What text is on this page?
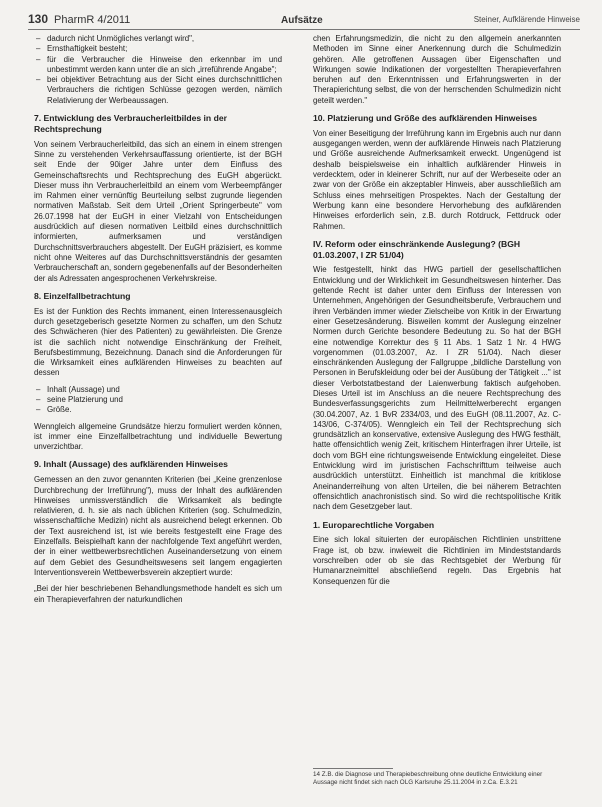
130 PharmR 4/2011	Aufsätze	Steiner, Aufklärende Hinweise
– dadurch nicht Unmögliches verlangt wird",
– Ernsthaftigkeit besteht;
– für die Verbraucher die Hinweise den erkennbar im und unbestimmt werden kann unter die an sich „irreführende Angabe";
– bei objektiver Betrachtung aus der Sicht eines durchschnittlichen Verbrauchers die richtigen Schlüsse gezogen werden, nämlich Relativierung der Werbeaussagen.
7. Entwicklung des Verbraucherleitbildes in der Rechtsprechung

Von seinem Verbraucherleitbild, das sich an einem in einem strengen Sinne zu verstehenden Verkehrsauffassung orientierte, ist der BGH seit Ende der 90iger Jahre unter dem Einfluss des Gemeinschaftsrechts und Rechtsprechung des EuGH abgerückt. Dieser muss ihn Verbraucherleitbild an einem vom Werbeempfänger im Rahmen einer vernünftig Beurteilung selbst zugrunde liegenden normativen Maßstab. Seit dem Urteil „Orient Springerbeute" vom 26.07.1998 hat der EuGH in einer Vielzahl von Entscheidungen ausdrücklich auf diesen normativen Leitbild eines durchschnittlich informierten, aufmerksamen und verständigen Durchschnittsverbrauchers abgestellt. Der EuGH präzisiert, es komme nicht ohne Weiteres auf das Durchschnittsverständnis der gesamten Verbraucherschaft an, sondern gegebenenfalls auf der Besonderheiten der als Adressaten angesprochenen Verkehrskreise.

8. Einzelfallbetrachtung

Es ist der Funktion des Rechts immanent, einen Interessenausgleich durch gesetzgeberisch gesetzte Normen zu schaffen, um den Schutz des Schwächeren (hier des Patienten) zu gewährleisten. Die Grenze ist die sachlich nicht notwendige Einschränkung der Freiheit, Berufsbestimmung, Bezeichnung. Danach sind die Anforderungen für die Wirksamkeit eines aufklärenden Hinweises zu beachten auf dessen

– Inhalt (Aussage) und
– seine Platzierung und
– Größe.

Wenngleich allgemeine Grundsätze hierzu formuliert werden können, ist immer eine Einzelfallbetrachtung und individuelle Bewertung unverzichtbar.

9. Inhalt (Aussage) des aufklärenden Hinweises

Gemessen an den zuvor genannten Kriterien (bei „Keine grenzenlose Durchbrechung der Irreführung"), muss der Inhalt des aufklärenden Hinweises unmissverständlich die Wirksamkeit als bedingte relativieren, d. h. sie als nach üblichen Kriterien (sog. Schulmedizin, wissenschaftliche Medizin) nicht als ausreichend belegt erkennen. Ob der Text ausreichend ist, ist wie bereits festgestellt eine Frage des Einzelfalls. Beispielhaft kann der nachfolgende Text angeführt werden, der in einer wettbewerbsrechtlichen Auseinandersetzung von einem auf dem Gebiet des Gesundheitswesens seit langem engagierten Interventionsverein Wettbewerbsverein akzeptiert wurde:

„Bei der hier beschriebenen Behandlungsmethode handelt es sich um ein Therapieverfahren der naturkundlichen

chen Erfahrungsmedizin, die nicht zu den allgemein anerkannten Methoden im Sinne einer Anerkennung durch die Schulmedizin gehören. Alle getroffenen Aussagen über Eigenschaften und Wirkungen sowie Indikationen der vorgestellten Therapieverfahren beruhen auf den Erkenntnissen und Erfahrungswerten in der Therapierichtung selbst, die von der herrschenden Schulmedizin nicht geteilt werden."

10. Platzierung und Größe des aufklärenden Hinweises

Von einer Beseitigung der Irreführung kann im Ergebnis auch nur dann ausgegangen werden, wenn der aufklärende Hinweis nach Platzierung und Größe ausreichende Aufmerksamkeit erweckt. Ungenügend ist deshalb beispielsweise ein inhaltlich aufklärender Hinweis in verdecktem, oder in kleinerer Schrift, nur auf der Werbeseite oder an zwar von der Größe ein akzeptabler Hinweis, aber ausschließlich am Schluss eines mehrseitigen Prospektes. Nach der Gestaltung der Werbung kann eine besondere Hervorhebung des aufklärenden Hinweises erforderlich sein, z.B. durch Rotdruck, Fettdruck oder Rahmen.

IV. Reform oder einschränkende Auslegung? (BGH 01.03.2007, I ZR 51/04)

Wie festgestellt, hinkt das HWG partiell der gesellschaftlichen Entwicklung und der Wirklichkeit im Gesundheitswesen hinterher. Das geltende Recht ist daher unter dem Einfluss der Interessen von Unternehmen, Angehörigen der Gesundheitsberufe, Verbrauchern und ihren Verbänden immer wieder Zielscheibe von Kritik in der Erwartung einer Gesetzesänderung. Bisweilen kommt der Auslegung einzelner Normen durch Gerichte besondere Bedeutung zu. So hat der BGH eine notwendige Korrektur des § 11 Abs. 1 Satz 1 Nr. 4 HWG vorgenommen (01.03.2007, Az. I ZR 51/04). Nach dieser einschränkenden Auslegung der Fallgruppe „bildliche Darstellung von Personen in Berufskleidung oder bei der Ausübung der Tätigkeit ..." ist dieser Verbotstatbestand der Laienwerbung faktisch aufgehoben. Dieses Urteil ist im Anschluss an die neuere Rechtsprechung des Bundesverfassungsgerichts zum Heilmittelwerberecht ergangen (30.04.2007, Az. 1 BvR 2334/03, und des EuGH (08.11.2007, Az. C-143/06, C-374/05). Wenngleich ein Teil der Rechtsprechung sich grundsätzlich an konservative, extensive Auslegung des HWG festhält, hatte offensichtlich wenig Zeit, kritischem Hinterfragen ihrer Urteile, ist doch vom BGH eine richtungsweisende Entwicklung eingeleitet. Diese Entwicklung wird im juristischen Fachschrifttum teilweise auch ausdrücklich unterstützt. Einheitlich ist manchmal die kritiklose Aneinanderreihung von alten Urteilen, die bei näherem Betrachten offensichtlich anachronistisch sind. So wird die rechtspolitische Kritik nach dem Gesetzgeber laut.

1. Europarechtliche Vorgaben

Eine sich lokal situierten der europäischen Richtlinien unstrittene Frage ist, ob bzw. inwieweit die Richtlinien im Mindeststandards vorschreiben oder ob sie das Rechtsgebiet der Werbung für Humanarzneimittel abschließend regeln. Das Ergebnis hat Konsequenzen für die

14 Z.B. die Diagnose und Therapiebeschreibung ohne deutliche Entwicklung einer Aussage nicht findet sich nach OLG Karlsruhe 25.11.2004 in z.Ca. E.3.21
